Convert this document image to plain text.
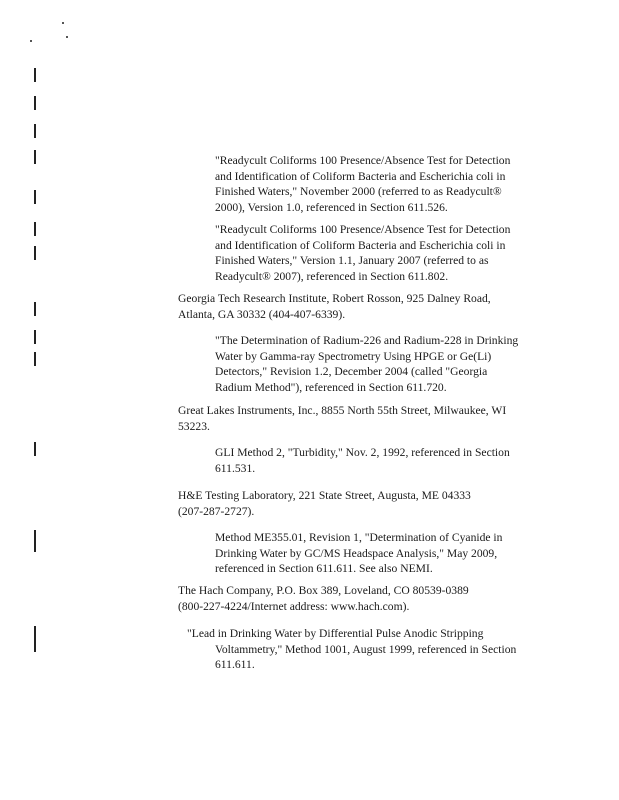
"Readycult Coliforms 100 Presence/Absence Test for Detection
and Identification of Coliform Bacteria and Escherichia coli in
Finished Waters," November 2000 (referred to as Readycult®
2000), Version 1.0, referenced in Section 611.526.
"Readycult Coliforms 100 Presence/Absence Test for Detection
and Identification of Coliform Bacteria and Escherichia coli in
Finished Waters," Version 1.1, January 2007 (referred to as
Readycult® 2007), referenced in Section 611.802.
Georgia Tech Research Institute, Robert Rosson, 925 Dalney Road,
Atlanta, GA 30332 (404-407-6339).
"The Determination of Radium-226 and Radium-228 in Drinking
Water by Gamma-ray Spectrometry Using HPGE or Ge(Li)
Detectors," Revision 1.2, December 2004 (called "Georgia
Radium Method"), referenced in Section 611.720.
Great Lakes Instruments, Inc., 8855 North 55th Street, Milwaukee, WI
53223.
GLI Method 2, "Turbidity," Nov. 2, 1992, referenced in Section
611.531.
H&E Testing Laboratory, 221 State Street, Augusta, ME 04333
(207-287-2727).
Method ME355.01, Revision 1, "Determination of Cyanide in
Drinking Water by GC/MS Headspace Analysis," May 2009,
referenced in Section 611.611. See also NEMI.
The Hach Company, P.O. Box 389, Loveland, CO 80539-0389
(800-227-4224/Internet address: www.hach.com).
"Lead in Drinking Water by Differential Pulse Anodic Stripping
Voltammetry," Method 1001, August 1999, referenced in Section
611.611.
